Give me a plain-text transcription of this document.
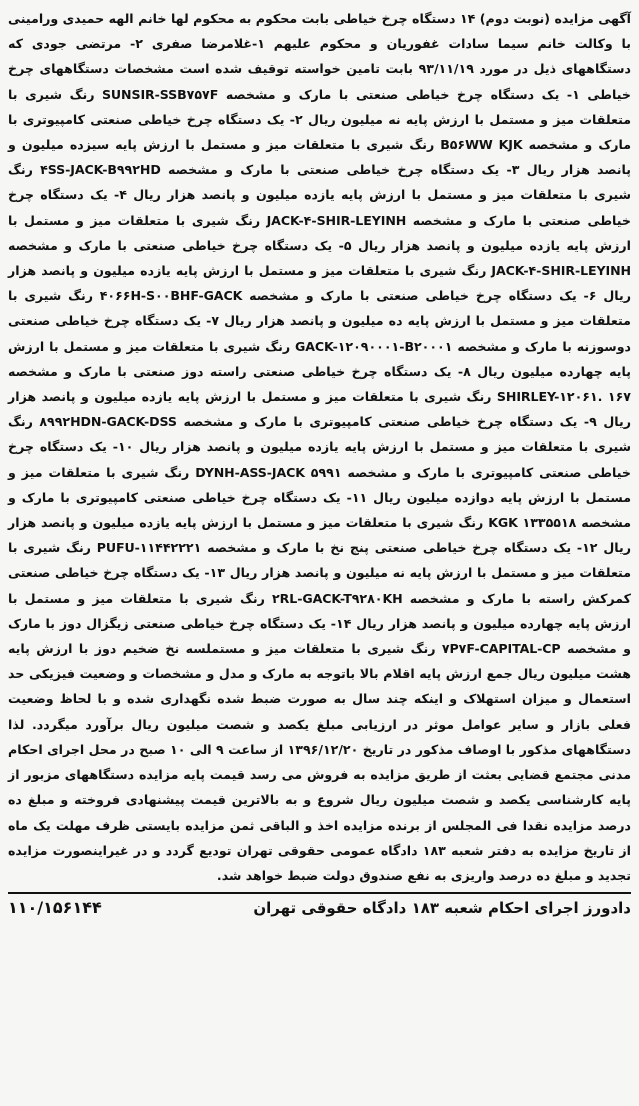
آگهی مزایده (نوبت دوم) ۱۴ دستگاه چرخ خیاطی بابت محکوم به محکوم لها خانم الهه حمیدی ورامینی با وکالت خانم سیما سادات غفوریان و محکوم علیهم ۱-غلامرضا صفری ۲- مرتضی جودی که دستگاههای ذیل در مورد ۹۳/۱۱/۱۹ بابت تامین خواسته توقیف شده است مشخصات دستگاههای چرخ خیاطی ۱- یک دستگاه چرخ خیاطی صنعتی با مارک و مشخصه SUNSIR-SSB۷۵۷F رنگ شیری با متعلقات میز و مستمل با ارزش پایه نه میلیون ریال ۲- یک دستگاه چرخ خیاطی صنعتی کامپیوتری با مارک و مشخصه B۵۶WW KJK رنگ شیری با متعلقات میز و مستمل با ارزش پایه سیزده میلیون و پانصد هزار ریال ۳- یک دستگاه چرخ خیاطی صنعتی با مارک و مشخصه ۴SS-JACK-B۹۹۲HD رنگ شیری با متعلقات میز و مستمل با ارزش پایه یازده میلیون و پانصد هزار ریال ۴- یک دستگاه چرخ خیاطی صنعتی با مارک و مشخصه JACK-۴-SHIR-LEYINH رنگ شیری با متعلقات میز و مستمل با ارزش پایه یازده میلیون و پانصد هزار ریال ۵- یک دستگاه چرخ خیاطی صنعتی با مارک و مشخصه JACK-۴-SHIR-LEYINH رنگ شیری با متعلقات میز و مستمل با ارزش پایه یازده میلیون و پانصد هزار ریال ۶- یک دستگاه چرخ خیاطی صنعتی با مارک و مشخصه ۴۰۶۶H-S۰۰BHF-GACK رنگ شیری با متعلقات میز و مستمل با ارزش پایه ده میلیون و پانصد هزار ریال ۷- یک دستگاه چرخ خیاطی صنعتی دوسوزنه با مارک و مشخصه GACK-۱۲۰۹۰۰۰۱-B۲۰۰۰۱ رنگ شیری با متعلقات میز و مستمل با ارزش پایه چهارده میلیون ریال ۸- یک دستگاه چرخ خیاطی صنعتی راسته دوز صنعتی با مارک و مشخصه SHIRLEY-۱۲۰۶۱. ۱۶۷ رنگ شیری با متعلقات میز و مستمل با ارزش پایه یازده میلیون و پانصد هزار ریال ۹- یک دستگاه چرخ خیاطی صنعتی کامپیوتری با مارک و مشخصه ۸۹۹۲HDN-GACK-DSS رنگ شیری با متعلقات میز و مستمل با ارزش پایه یازده میلیون و پانصد هزار ریال ۱۰- یک دستگاه چرخ خیاطی صنعتی کامپیوتری با مارک و مشخصه DYNH-ASS-JACK ۵۹۹۱ رنگ شیری با متعلقات میز و مستمل با ارزش پایه دوازده میلیون ریال ۱۱- یک دستگاه چرخ خیاطی صنعتی کامپیوتری با مارک و مشخصه KGK ۱۳۳۵۵۱۸ رنگ شیری با متعلقات میز و مستمل با ارزش پایه یازده میلیون و پانصد هزار ریال ۱۲- یک دستگاه چرخ خیاطی صنعتی پنج نخ با مارک و مشخصه PUFU-۱۱۴۴۲۲۲۱ رنگ شیری با متعلقات میز و مستمل با ارزش پایه نه میلیون و پانصد هزار ریال ۱۳- یک دستگاه چرخ خیاطی صنعتی کمرکش راسته با مارک و مشخصه ۲RL-GACK-T۹۲۸۰KH رنگ شیری با متعلقات میز و مستمل با ارزش پایه چهارده میلیون و پانصد هزار ریال ۱۴- یک دستگاه چرخ خیاطی صنعتی زیگزال دوز با مارک و مشخصه ۷P۷F-CAPITAL-CP رنگ شیری با متعلقات میز و مستملسه نخ ضخیم دوز با ارزش پایه هشت میلیون ریال جمع ارزش پایه اقلام بالا باتوجه به مارک و مدل و مشخصات و وضعیت فیزیکی حد استعمال و میزان استهلاک و اینکه چند سال به صورت ضبط شده نگهداری شده و با لحاظ وضعیت فعلی بازار و سایر عوامل موثر در ارزیابی مبلغ یکصد و شصت میلیون ریال برآورد میگردد. لذا دستگاههای مذکور با اوصاف مذکور در تاریخ ۱۳۹۶/۱۲/۲۰ از ساعت ۹ الی ۱۰ صبح در محل اجرای احکام مدنی مجتمع قضایی بعثت از طریق مزایده به فروش می رسد قیمت پایه مزایده دستگاههای مزبور از پایه کارشناسی یکصد و شصت میلیون ریال شروع و به بالاترین قیمت پیشنهادی فروخته و مبلغ ده درصد مزایده نقدا فی المجلس از برنده مزایده اخذ و الباقی ثمن مزایده بایستی ظرف مهلت یک ماه از تاریخ مزایده به دفتر شعبه ۱۸۳ دادگاه عمومی حقوقی تهران تودیع گردد و در غیراینصورت مزایده تجدید و مبلغ ده درصد واریزی به نفع صندوق دولت ضبط خواهد شد.

دادورز اجرای احکام شعبه ۱۸۳ دادگاه حقوقی تهران
۱۱۰/۱۵۶۱۴۴
